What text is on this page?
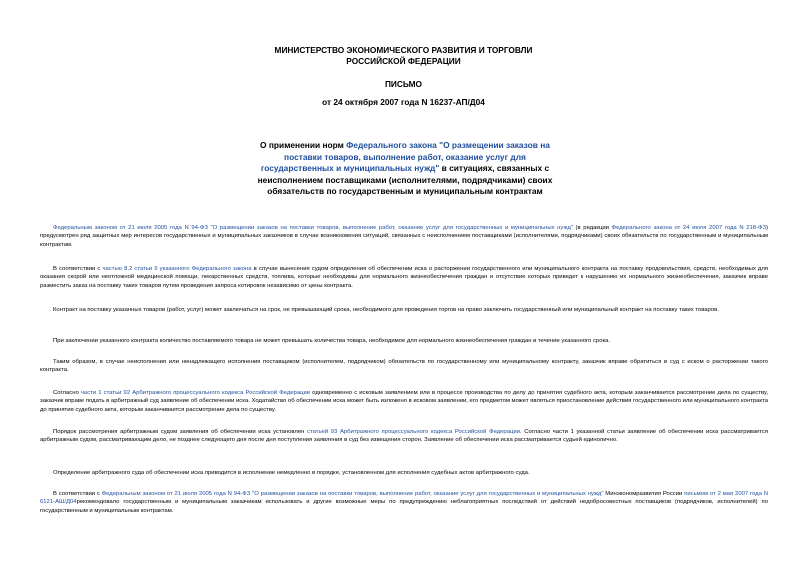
МИНИСТЕРСТВО ЭКОНОМИЧЕСКОГО РАЗВИТИЯ И ТОРГОВЛИ
РОССИЙСКОЙ ФЕДЕРАЦИИ
ПИСЬМО
от 24 октября 2007 года N 16237-АП/Д04
О применении норм Федерального закона "О размещении заказов на поставки товаров, выполнение работ, оказание услуг для государственных и муниципальных нужд" в ситуациях, связанных с неисполнением поставщиками (исполнителями, подрядчиками) своих обязательств по государственным и муниципальным контрактам
Федеральным законом от 21 июля 2005 года N 94-ФЗ "О размещении заказов на поставки товаров, выполнение работ, оказание услуг для государственных и муниципальных нужд" (в редакции Федерального закона от 24 июля 2007 года N 218-ФЗ) предусмотрен ряд защитных мер интересов государственных и муниципальных заказчиков в случае возникновения ситуаций, связанных с неисполнением поставщиками (исполнителями, подрядчиками) своих обязательств по государственным и муниципальным контрактам.
В соответствии с частью 8.2 статьи 9 указанного Федерального закона в случае вынесения судом определения об обеспечении иска о расторжении государственного или муниципального контракта на поставку продовольствия, средств, необходимых для оказания скорой или неотложной медицинской помощи, лекарственных средств, топлива, которые необходимы для нормального жизнеобеспечения граждан и отсутствие которых приведет к нарушению их нормального жизнеобеспечения, заказчик вправе разместить заказ на поставку таких товаров путем проведения запроса котировок независимо от цены контракта.
Контракт на поставку указанных товаров (работ, услуг) может заключаться на срок, не превышающий срока, необходимого для проведения торгов на право заключить государственный или муниципальный контракт на поставку таких товаров.
При заключении указанного контракта количество поставляемого товара не может превышать количества товара, необходимое для нормального жизнеобеспечения граждан в течение указанного срока.
Таким образом, в случае неисполнения или ненадлежащего исполнения поставщиком (исполнителем, подрядчиком) обязательств по государственному или муниципальному контракту, заказчик вправе обратиться в суд с иском о расторжении такого контракта.
Согласно части 1 статьи 92 Арбитражного процессуального кодекса Российской Федерации одновременно с исковым заявлением или в процессе производства по делу до принятия судебного акта, которым заканчивается рассмотрение дела по существу, заказчик вправе подать в арбитражный суд заявление об обеспечении иска. Ходатайство об обеспечении иска может быть изложено в исковом заявлении, его предметом может являться приостановление действия государственного или муниципального контракта до принятия судебного акта, которым заканчивается рассмотрение дела по существу.
Порядок рассмотрения арбитражным судом заявления об обеспечении иска установлен статьей 93 Арбитражного процессуального кодекса Российской Федерации. Согласно части 1 указанной статьи заявление об обеспечении иска рассматривается арбитражным судом, рассматривающим дело, не позднее следующего дня после дня поступления заявления в суд без извещения сторон. Заявление об обеспечении иска рассматривается судьей единолично.
Определение арбитражного суда об обеспечении иска приводится в исполнение немедленно в порядке, установленном для исполнения судебных актов арбитражного суда.
В соответствии с Федеральным законом от 21 июля 2005 года N 94-ФЗ "О размещении заказов на поставки товаров, выполнение работ, оказание услуг для государственных и муниципальных нужд" Минэкономразвития России письмом от 2 мая 2007 года N 6121-АШ/Д04рекомендовало государственным и муниципальным заказчикам использовать и другие возможные меры по предупреждению неблагоприятных последствий от действий недобросовестных поставщиков (подрядчиков, исполнителей) по государственным и муниципальным контрактам.
